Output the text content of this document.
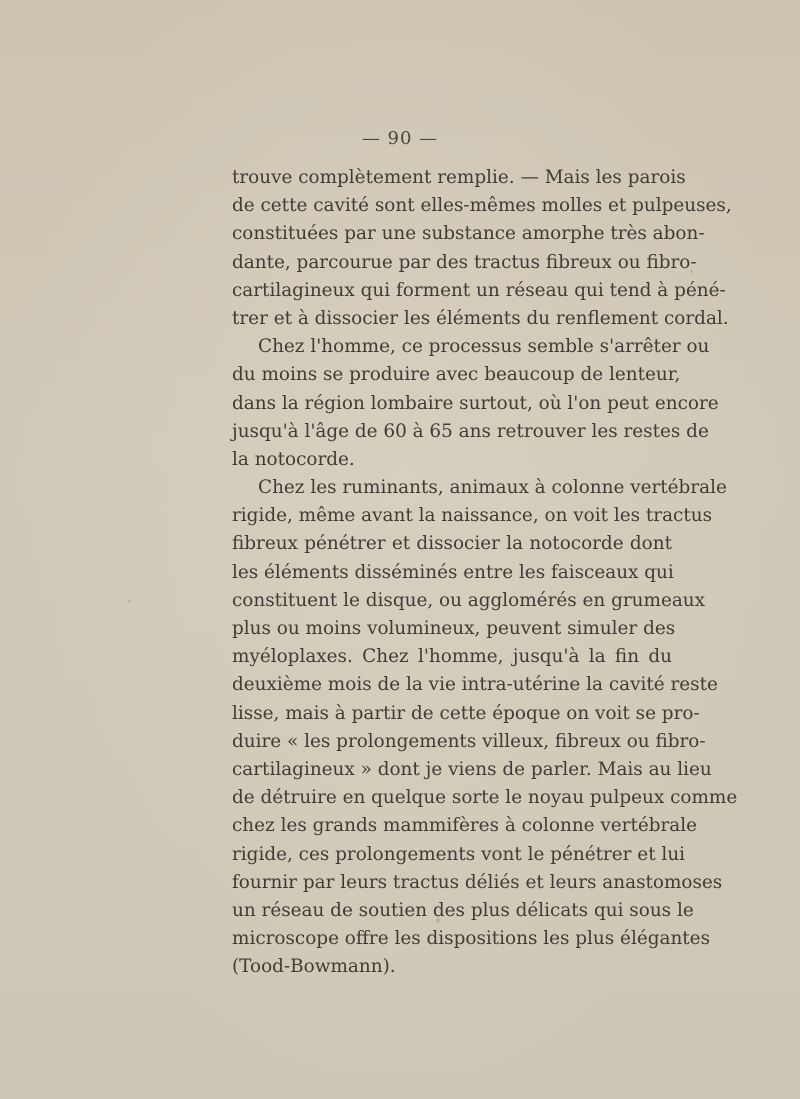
— 90 —
trouve complètement remplie. — Mais les parois
de cette cavité sont elles-mêmes molles et pulpeuses,
constituées par une substance amorphe très abon-
dante, parcourue par des tractus fibreux ou fibro-
cartilagineux qui forment un réseau qui tend à péné-
trer et à dissocier les éléments du renflement cordal.
Chez l'homme, ce processus semble s'arrêter ou
du moins se produire avec beaucoup de lenteur,
dans la région lombaire surtout, où l'on peut encore
jusqu'à l'âge de 60 à 65 ans retrouver les restes de
la notocorde.
Chez les ruminants, animaux à colonne vertébrale
rigide, même avant la naissance, on voit les tractus
fibreux pénétrer et dissocier la notocorde dont
les éléments disséminés entre les faisceaux qui
constituent le disque, ou agglomérés en grumeaux
plus ou moins volumineux, peuvent simuler des
myéloplaxes. Chez l'homme, jusqu'à la fin du
deuxième mois de la vie intra-utérine la cavité reste
lisse, mais à partir de cette époque on voit se pro-
duire « les prolongements villeux, fibreux ou fibro-
cartilagineux » dont je viens de parler. Mais au lieu
de détruire en quelque sorte le noyau pulpeux comme
chez les grands mammifères à colonne vertébrale
rigide, ces prolongements vont le pénétrer et lui
fournir par leurs tractus déliés et leurs anastomoses
un réseau de soutien des plus délicats qui sous le
microscope offre les dispositions les plus élégantes
(Tood-Bowmann).
